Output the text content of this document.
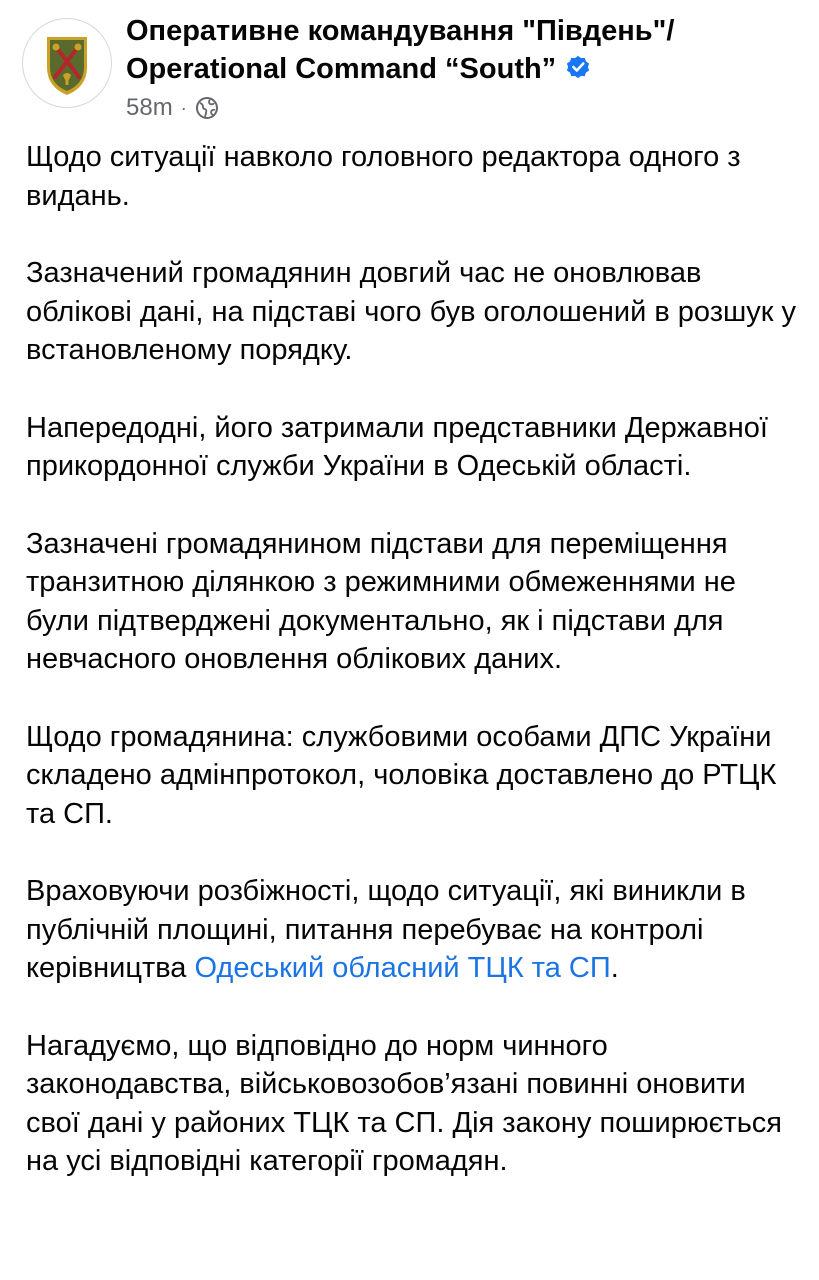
Оперативне командування "Південь"/
Operational Command “South”
58m ·

Щодо ситуації навколо головного редактора одного з видань.

Зазначений громадянин довгий час не оновлював облікові дані, на підставі чого був оголошений в розшук у встановленому порядку.

Напередодні, його затримали представники Державної прикордонної служби України в Одеській області.

Зазначені громадянином підстави для переміщення транзитною ділянкою з режимними обмеженнями не були підтверджені документально, як і підстави для невчасного оновлення облікових даних.

Щодо громадянина: службовими особами ДПС України складено адмінпротокол, чоловіка доставлено до РТЦК та СП.

Враховуючи розбіжності, щодо ситуації, які виникли в публічній площині, питання перебуває на контролі керівництва Одеський обласний ТЦК та СП.

Нагадуємо, що відповідно до норм чинного законодавства, військовозобов’язані повинні оновити свої дані у районих ТЦК та СП. Дія закону поширюється на усі відповідні категорії громадян.
